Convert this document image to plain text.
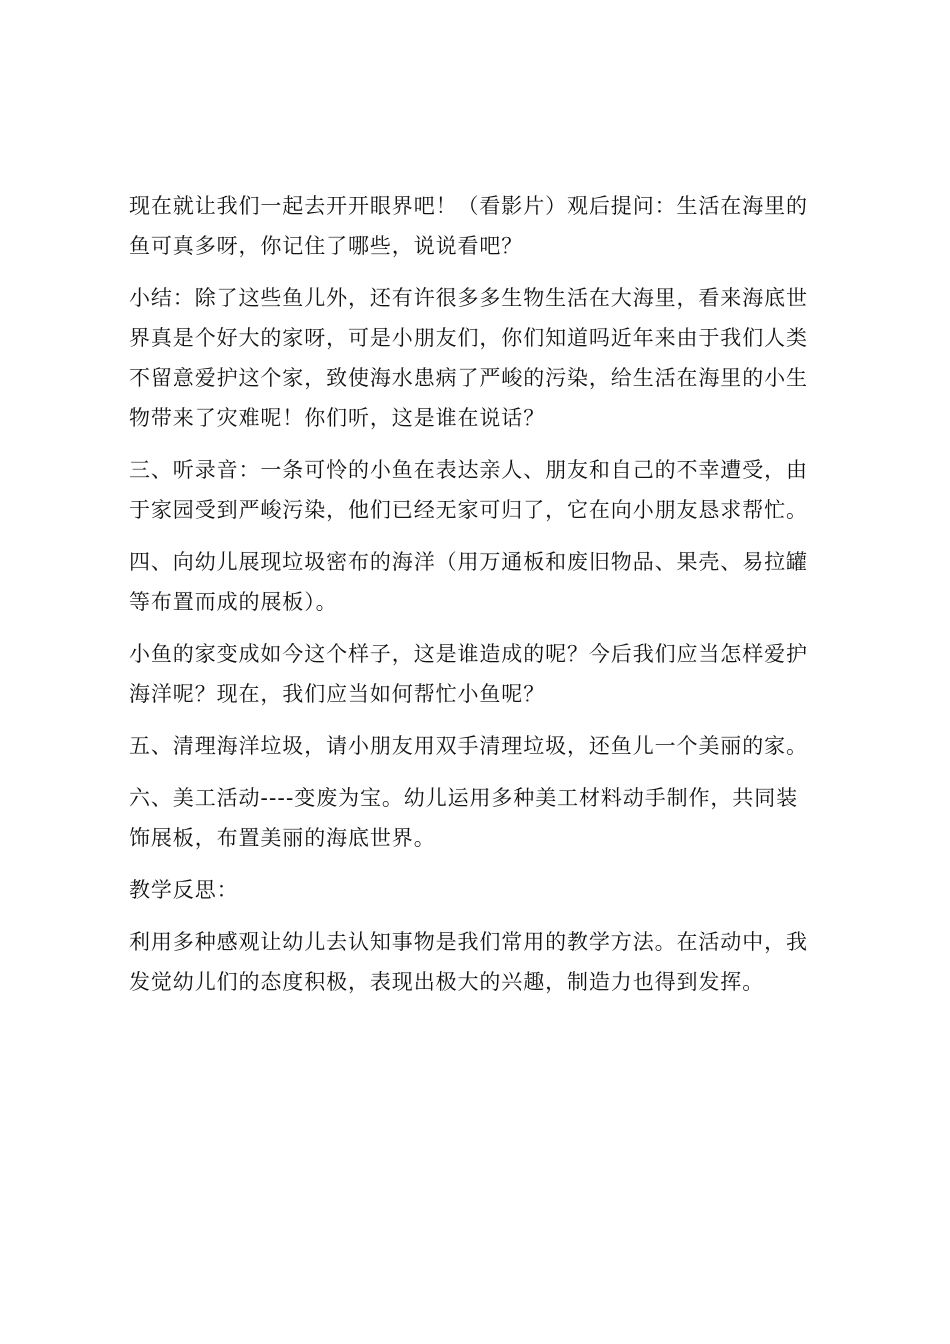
现在就让我们一起去开开眼界吧！（看影片）观后提问：生活在海里的
鱼可真多呀，你记住了哪些，说说看吧？

小结：除了这些鱼儿外，还有许很多多生物生活在大海里，看来海底世
界真是个好大的家呀，可是小朋友们，你们知道吗近年来由于我们人类
不留意爱护这个家，致使海水患病了严峻的污染，给生活在海里的小生
物带来了灾难呢！你们听，这是谁在说话？

三、听录音：一条可怜的小鱼在表达亲人、朋友和自己的不幸遭受，由
于家园受到严峻污染，他们已经无家可归了，它在向小朋友恳求帮忙。

四、向幼儿展现垃圾密布的海洋（用万通板和废旧物品、果壳、易拉罐
等布置而成的展板）。

小鱼的家变成如今这个样子，这是谁造成的呢？今后我们应当怎样爱护
海洋呢？现在，我们应当如何帮忙小鱼呢？

五、清理海洋垃圾，请小朋友用双手清理垃圾，还鱼儿一个美丽的家。

六、美工活动----变废为宝。幼儿运用多种美工材料动手制作，共同装
饰展板，布置美丽的海底世界。

教学反思：

利用多种感观让幼儿去认知事物是我们常用的教学方法。在活动中，我
发觉幼儿们的态度积极，表现出极大的兴趣，制造力也得到发挥。
